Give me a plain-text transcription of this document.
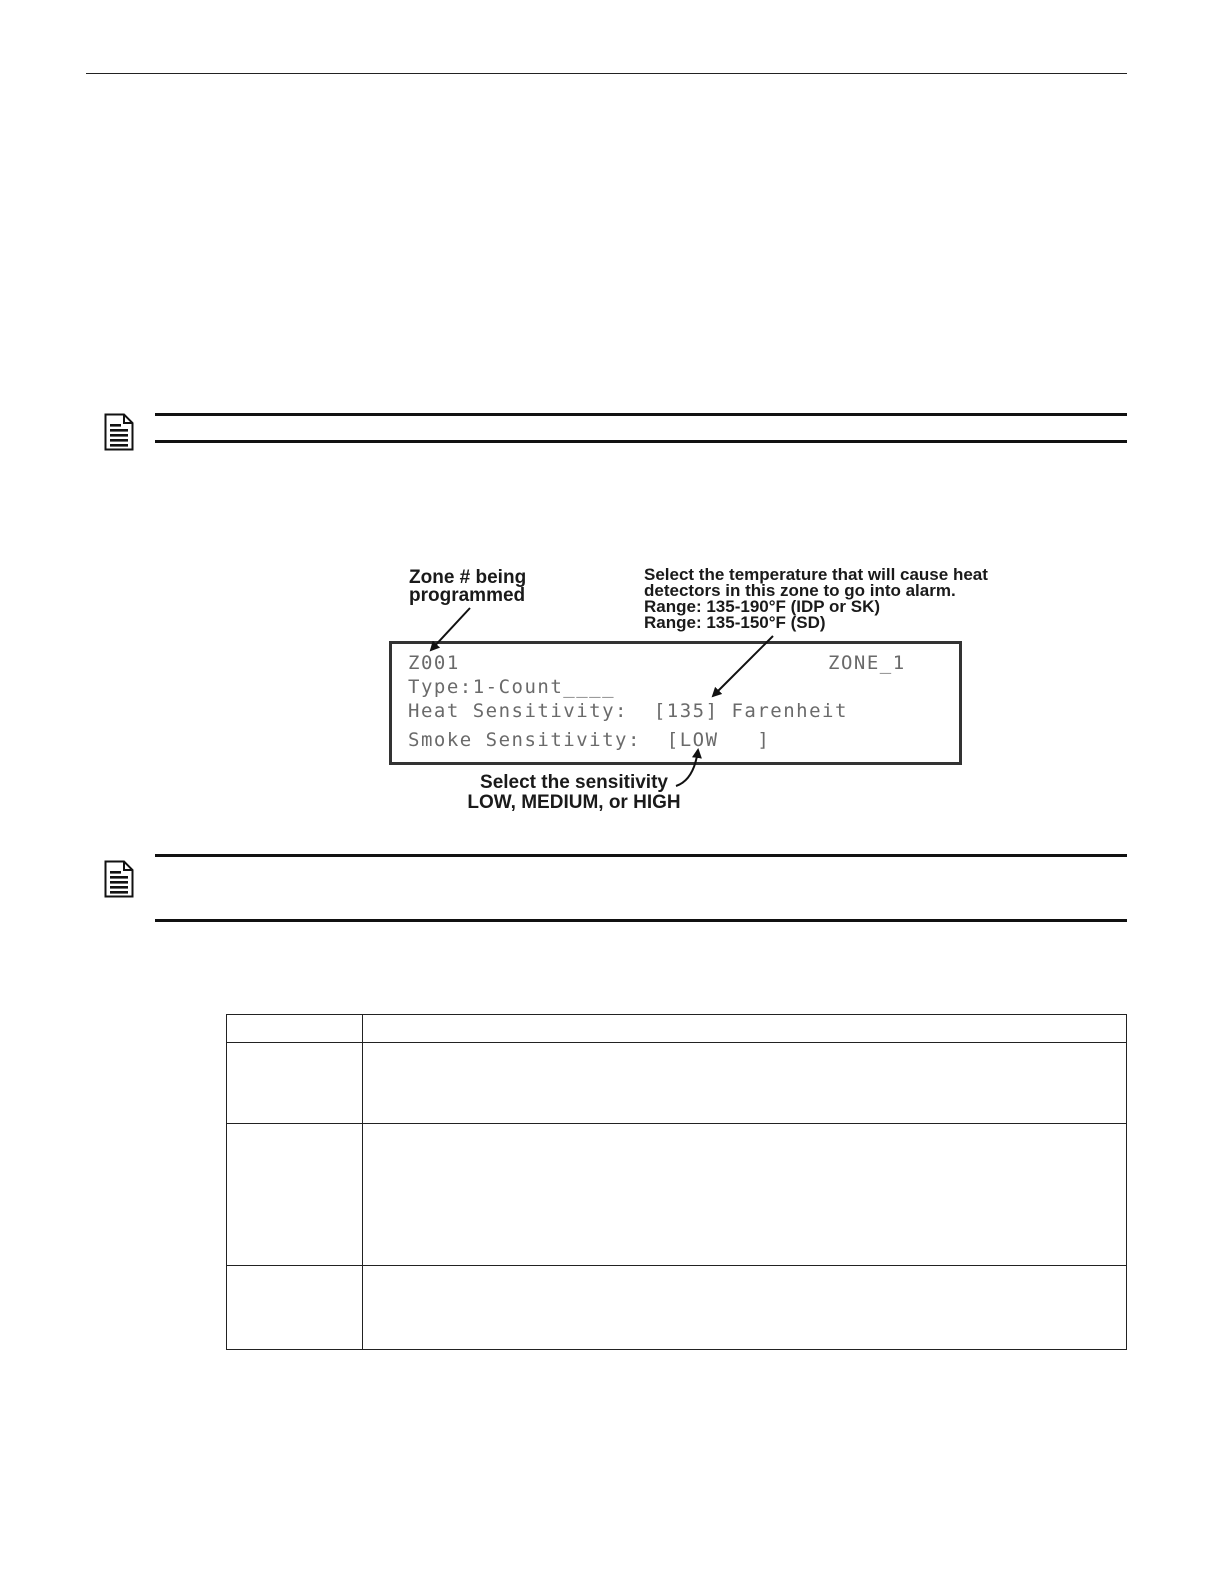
Zone # being
programmed
Select the temperature that will cause heat
detectors in this zone to go into alarm.
Range: 135-190°F (IDP or SK)
Range: 135-150°F (SD)
Z001	ZONE_1
Type:1-Count____
Heat Sensitivity:  [135] Farenheit
Smoke Sensitivity:  [LOW   ]
Select the sensitivity
LOW, MEDIUM, or HIGH
